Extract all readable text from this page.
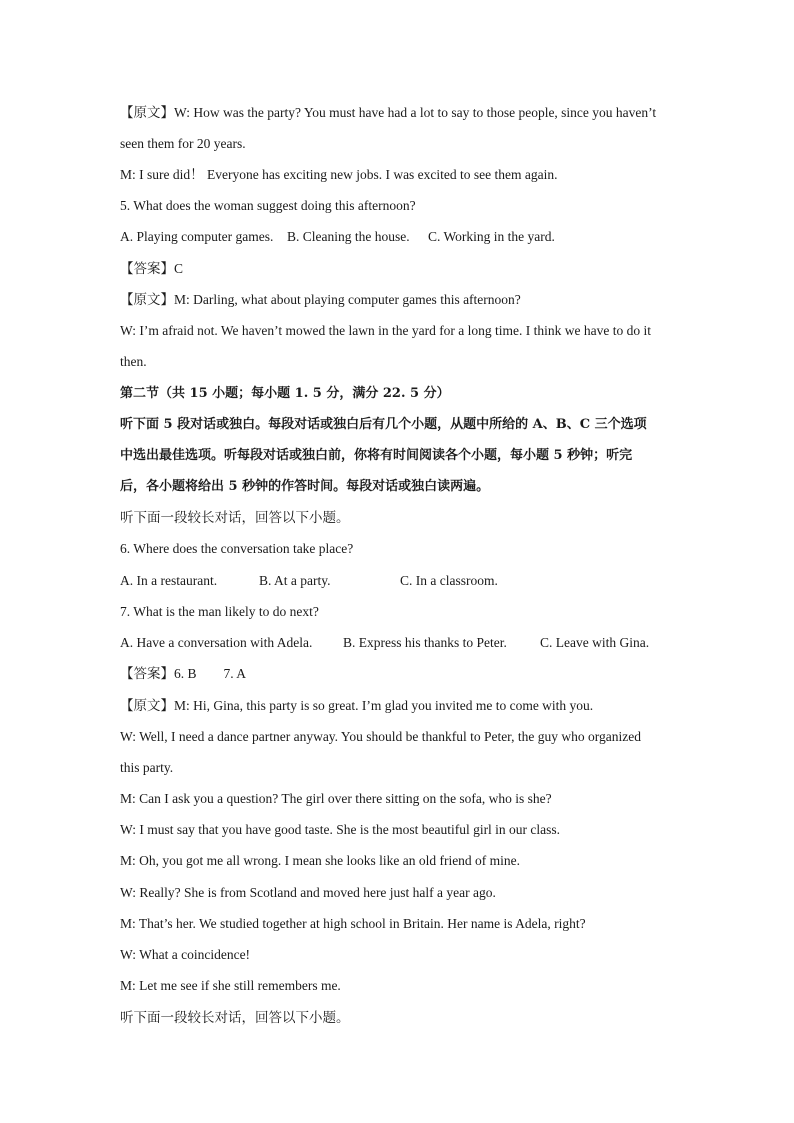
【原文】W: How was the party? You must have had a lot to say to those people, since you haven’t
seen them for 20 years.
M: I sure did！ Everyone has exciting new jobs. I was excited to see them again.
5. What does the woman suggest doing this afternoon?
A. Playing computer games. B. Cleaning the house. C. Working in the yard.
【答案】C
【原文】M: Darling, what about playing computer games this afternoon?
W: I’m afraid not. We haven’t mowed the lawn in the yard for a long time. I think we have to do it
then.
第二节（共 15 小题；每小题 1. 5 分，满分 22. 5 分）
听下面 5 段对话或独白。每段对话或独白后有几个小题，从题中所给的 A、B、C 三个选项
中选出最佳选项。听每段对话或独白前，你将有时间阅读各个小题，每小题 5 秒钟；听完
后，各小题将给出 5 秒钟的作答时间。每段对话或独白读两遍。
听下面一段较长对话，回答以下小题。
6. Where does the conversation take place?
A. In a restaurant.	B. At a party.	C. In a classroom.
7. What is the man likely to do next?
A. Have a conversation with Adela. B. Express his thanks to Peter. C. Leave with Gina.
【答案】6. B　　7. A
【原文】M: Hi, Gina, this party is so great. I’m glad you invited me to come with you.
W: Well, I need a dance partner anyway. You should be thankful to Peter, the guy who organized
this party.
M: Can I ask you a question? The girl over there sitting on the sofa, who is she?
W: I must say that you have good taste. She is the most beautiful girl in our class.
M: Oh, you got me all wrong. I mean she looks like an old friend of mine.
W: Really? She is from Scotland and moved here just half a year ago.
M: That’s her. We studied together at high school in Britain. Her name is Adela, right?
W: What a coincidence!
M: Let me see if she still remembers me.
听下面一段较长对话，回答以下小题。
